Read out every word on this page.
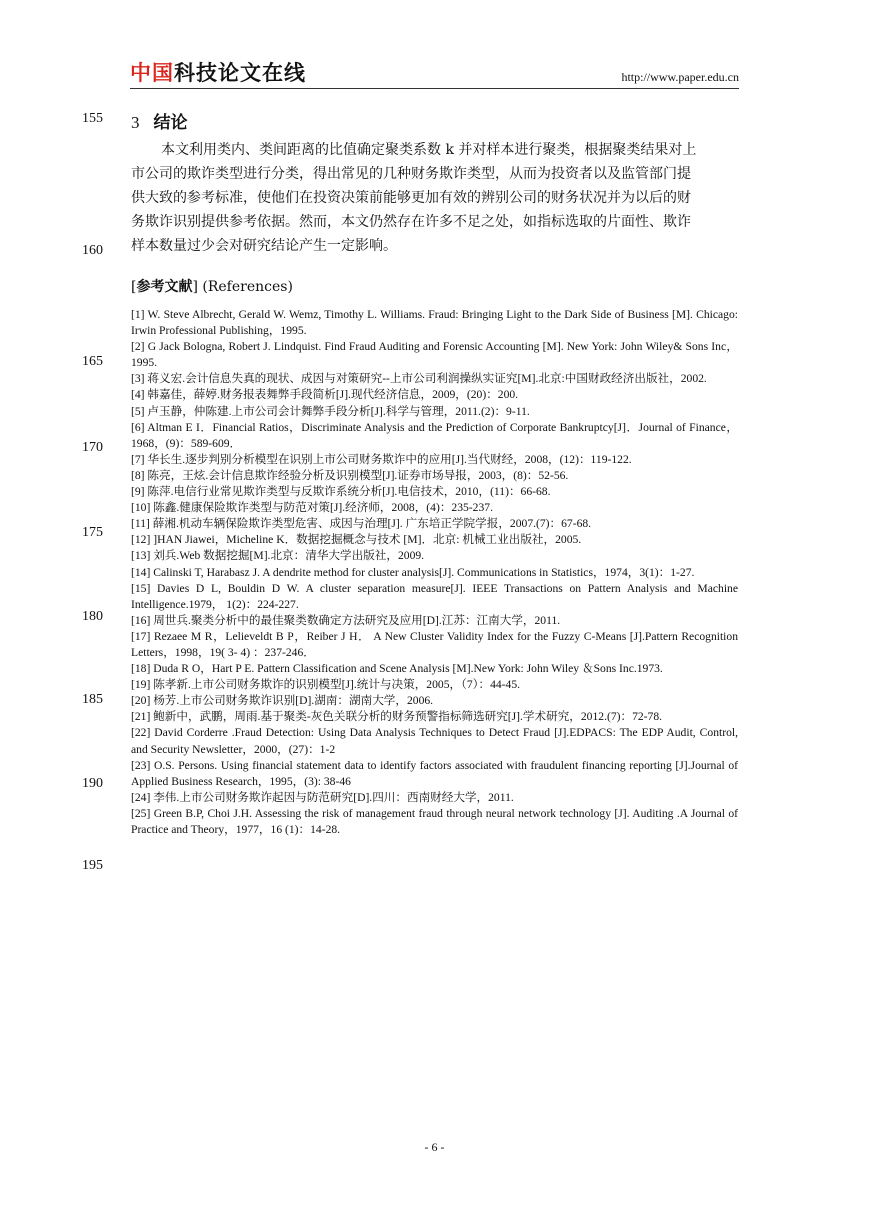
中国科技论文在线	http://www.paper.edu.cn
155
160
165
170
175
180
185
190
195
3 结论
本文利用类内、类间距离的比值确定聚类系数 k 并对样本进行聚类，根据聚类结果对上
市公司的欺诈类型进行分类，得出常见的几种财务欺诈类型，从而为投资者以及监管部门提
供大致的参考标准，使他们在投资决策前能够更加有效的辨别公司的财务状况并为以后的财
务欺诈识别提供参考依据。然而，本文仍然存在许多不足之处，如指标选取的片面性、欺诈
样本数量过少会对研究结论产生一定影响。
[参考文献] (References)
[1] W. Steve Albrecht, Gerald W. Wemz, Timothy L. Williams. Fraud: Bringing Light to the Dark Side of Business [M]. Chicago: Irwin Professional Publishing，1995.
[2] G Jack Bologna, Robert J. Lindquist. Find Fraud Auditing and Forensic Accounting [M]. New York: John Wiley& Sons Inc，1995.
[3] 蒋义宏.会计信息失真的现状、成因与对策研究--上市公司利润操纵实证究[M].北京:中国财政经济出版社，2002.
[4] 韩嘉佳，薛婷.财务报表舞弊手段简析[J].现代经济信息，2009，(20)：200.
[5] 卢玉静，仲陈建.上市公司会计舞弊手段分析[J].科学与管理，2011.(2)：9-11.
[6] Altman E I．Financial Ratios，Discriminate Analysis and the Prediction of Corporate Bankruptcy[J]．Journal of Finance，1968，(9)：589-609．
[7] 华长生.逐步判别分析模型在识别上市公司财务欺诈中的应用[J].当代财经，2008，(12)：119-122.
[8] 陈亮，王炫.会计信息欺诈经验分析及识别模型[J].证券市场导报，2003，(8)：52-56.
[9] 陈萍.电信行业常见欺诈类型与反欺诈系统分析[J].电信技术，2010，(11)：66-68.
[10] 陈鑫.健康保险欺诈类型与防范对策[J].经济师，2008，(4)：235-237.
[11] 薛湘.机动车辆保险欺诈类型危害、成因与治理[J]. 广东培正学院学报，2007.(7)：67-68.
[12] ]HAN Jiawei，Micheline K．数据挖掘概念与技术 [M]．北京: 机械工业出版社，2005.
[13] 刘兵.Web 数据挖掘[M].北京：清华大学出版社，2009.
[14] Calinski T, Harabasz J. A dendrite method for cluster analysis[J]. Communications in Statistics，1974，3(1)：1-27.
[15] Davies D L, Bouldin D W. A cluster separation measure[J]. IEEE Transactions on Pattern Analysis and Machine Intelligence.1979， 1(2)：224-227.
[16] 周世兵.聚类分析中的最佳聚类数确定方法研究及应用[D].江苏：江南大学，2011.
[17] Rezaee M R，Lelieveldt B P，Reiber J H． A New Cluster Validity Index for the Fuzzy C-Means [J].Pattern Recognition Letters，1998，19( 3- 4) ：237-246．
[18] Duda R O，Hart P E. Pattern Classification and Scene Analysis [M].New York: John Wiley ＆Sons Inc.1973.
[19] 陈孝新.上市公司财务欺诈的识别模型[J].统计与决策，2005，（7）：44-45.
[20] 杨芳.上市公司财务欺诈识别[D].湖南：湖南大学，2006.
[21] 鲍新中，武鹏，周雨.基于聚类-灰色关联分析的财务预警指标筛选研究[J].学术研究，2012.(7)：72-78.
[22] David Corderre .Fraud Detection: Using Data Analysis Techniques to Detect Fraud [J].EDPACS: The EDP Audit, Control, and Security Newsletter，2000，(27)：1-2
[23] O.S. Persons. Using financial statement data to identify factors associated with fraudulent financing reporting [J].Journal of Applied Business Research，1995，(3): 38-46
[24] 李伟.上市公司财务欺诈起因与防范研究[D].四川：西南财经大学，2011.
[25] Green B.P, Choi J.H. Assessing the risk of management fraud through neural network technology [J]. Auditing .A Journal of Practice and Theory，1977，16 (1)：14-28.
- 6 -
